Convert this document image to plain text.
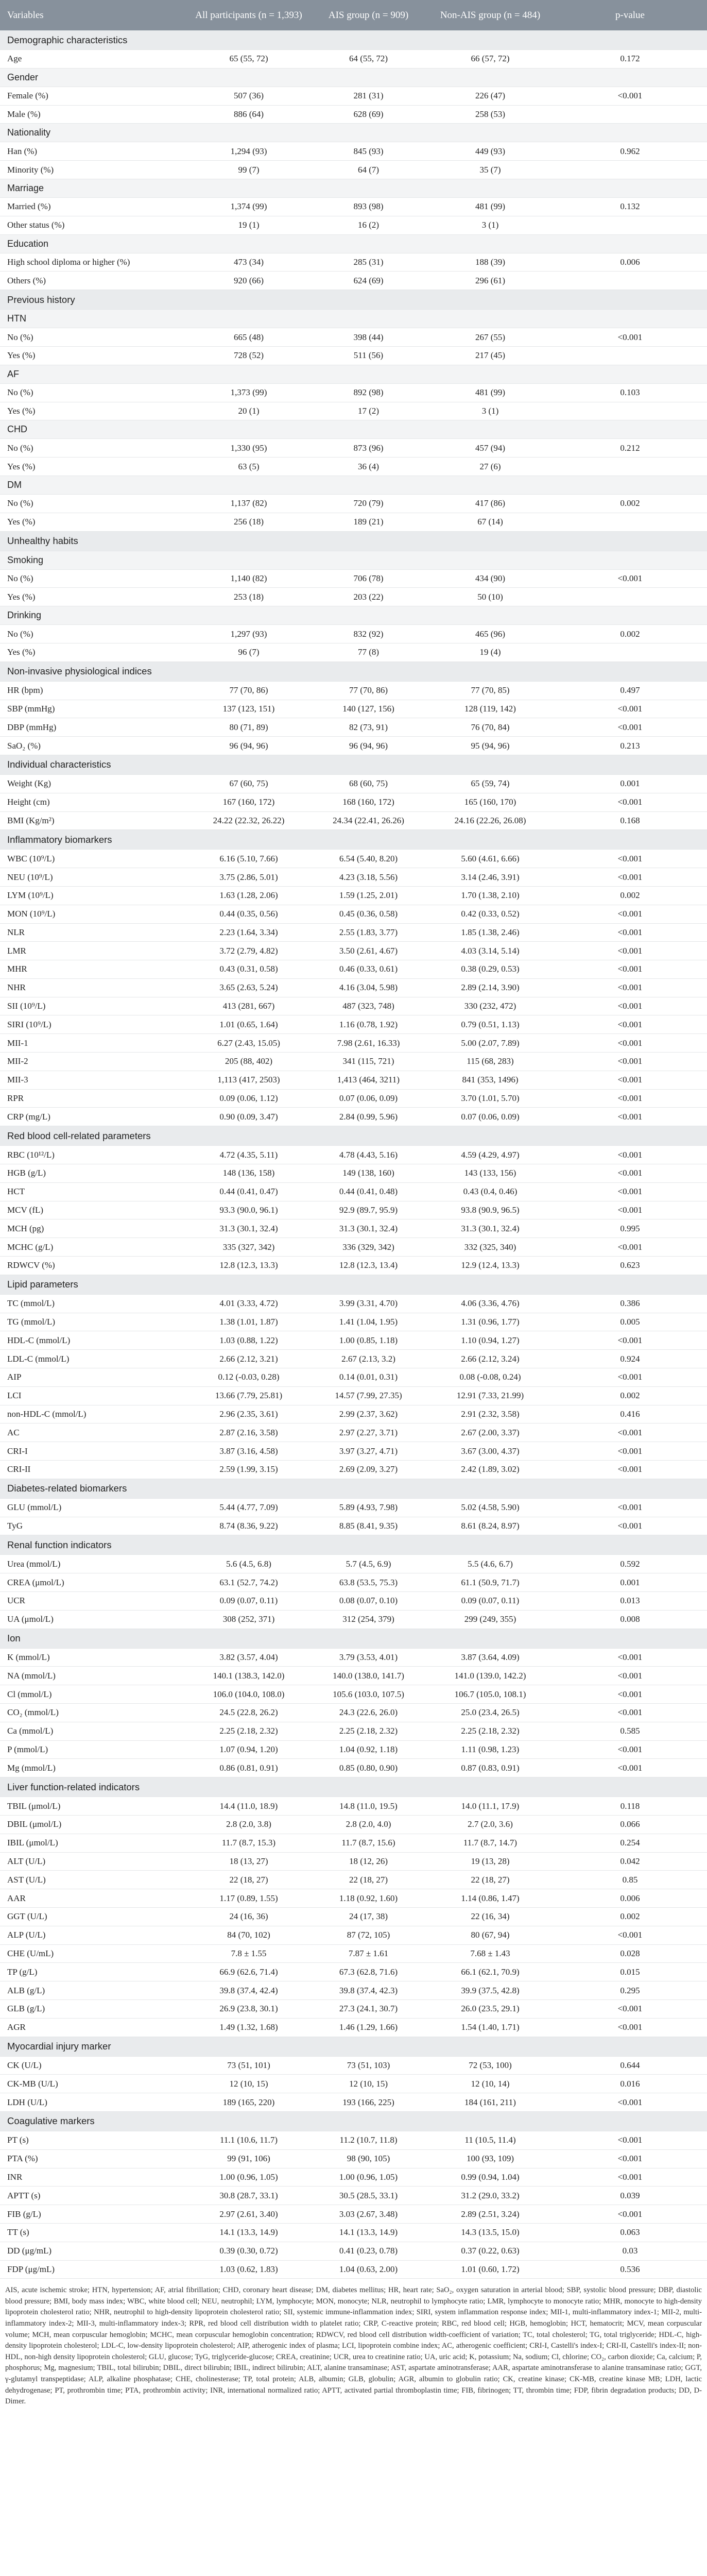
Variables	All participants (n = 1,393)	AIS group (n = 909)	Non-AIS group (n = 484)	p-value
Demographic characteristics				
Age	65 (55, 72)	64 (55, 72)	66 (57, 72)	0.172
Gender				
Female (%)	507 (36)	281 (31)	226 (47)	<0.001
Male (%)	886 (64)	628 (69)	258 (53)	
Nationality				
Han (%)	1,294 (93)	845 (93)	449 (93)	0.962
Minority (%)	99 (7)	64 (7)	35 (7)	
Marriage				
Married (%)	1,374 (99)	893 (98)	481 (99)	0.132
Other status (%)	19 (1)	16 (2)	3 (1)	
Education				
High school diploma or higher (%)	473 (34)	285 (31)	188 (39)	0.006
Others (%)	920 (66)	624 (69)	296 (61)	
Previous history				
HTN				
No (%)	665 (48)	398 (44)	267 (55)	<0.001
Yes (%)	728 (52)	511 (56)	217 (45)	
AF				
No (%)	1,373 (99)	892 (98)	481 (99)	0.103
Yes (%)	20 (1)	17 (2)	3 (1)	
CHD				
No (%)	1,330 (95)	873 (96)	457 (94)	0.212
Yes (%)	63 (5)	36 (4)	27 (6)	
DM				
No (%)	1,137 (82)	720 (79)	417 (86)	0.002
Yes (%)	256 (18)	189 (21)	67 (14)	
Unhealthy habits				
Smoking				
No (%)	1,140 (82)	706 (78)	434 (90)	<0.001
Yes (%)	253 (18)	203 (22)	50 (10)	
Drinking				
No (%)	1,297 (93)	832 (92)	465 (96)	0.002
Yes (%)	96 (7)	77 (8)	19 (4)	
Non-invasive physiological indices				
HR (bpm)	77 (70, 86)	77 (70, 86)	77 (70, 85)	0.497
SBP (mmHg)	137 (123, 151)	140 (127, 156)	128 (119, 142)	<0.001
DBP (mmHg)	80 (71, 89)	82 (73, 91)	76 (70, 84)	<0.001
SaO₂ (%)	96 (94, 96)	96 (94, 96)	95 (94, 96)	0.213
Individual characteristics				
Weight (Kg)	67 (60, 75)	68 (60, 75)	65 (59, 74)	0.001
Height (cm)	167 (160, 172)	168 (160, 172)	165 (160, 170)	<0.001
BMI (Kg/m²)	24.22 (22.32, 26.22)	24.34 (22.41, 26.26)	24.16 (22.26, 26.08)	0.168
Inflammatory biomarkers				
WBC (10⁹/L)	6.16 (5.10, 7.66)	6.54 (5.40, 8.20)	5.60 (4.61, 6.66)	<0.001
NEU (10⁹/L)	3.75 (2.86, 5.01)	4.23 (3.18, 5.56)	3.14 (2.46, 3.91)	<0.001
LYM (10⁹/L)	1.63 (1.28, 2.06)	1.59 (1.25, 2.01)	1.70 (1.38, 2.10)	0.002
MON (10⁹/L)	0.44 (0.35, 0.56)	0.45 (0.36, 0.58)	0.42 (0.33, 0.52)	<0.001
NLR	2.23 (1.64, 3.34)	2.55 (1.83, 3.77)	1.85 (1.38, 2.46)	<0.001
LMR	3.72 (2.79, 4.82)	3.50 (2.61, 4.67)	4.03 (3.14, 5.14)	<0.001
MHR	0.43 (0.31, 0.58)	0.46 (0.33, 0.61)	0.38 (0.29, 0.53)	<0.001
NHR	3.65 (2.63, 5.24)	4.16 (3.04, 5.98)	2.89 (2.14, 3.90)	<0.001
SII (10⁹/L)	413 (281, 667)	487 (323, 748)	330 (232, 472)	<0.001
SIRI (10⁹/L)	1.01 (0.65, 1.64)	1.16 (0.78, 1.92)	0.79 (0.51, 1.13)	<0.001
MII-1	6.27 (2.43, 15.05)	7.98 (2.61, 16.33)	5.00 (2.07, 7.89)	<0.001
MII-2	205 (88, 402)	341 (115, 721)	115 (68, 283)	<0.001
MII-3	1,113 (417, 2503)	1,413 (464, 3211)	841 (353, 1496)	<0.001
RPR	0.09 (0.06, 1.12)	0.07 (0.06, 0.09)	3.70 (1.01, 5.70)	<0.001
CRP (mg/L)	0.90 (0.09, 3.47)	2.84 (0.99, 5.96)	0.07 (0.06, 0.09)	<0.001
Red blood cell-related parameters				
RBC (10¹²/L)	4.72 (4.35, 5.11)	4.78 (4.43, 5.16)	4.59 (4.29, 4.97)	<0.001
HGB (g/L)	148 (136, 158)	149 (138, 160)	143 (133, 156)	<0.001
HCT	0.44 (0.41, 0.47)	0.44 (0.41, 0.48)	0.43 (0.4, 0.46)	<0.001
MCV (fL)	93.3 (90.0, 96.1)	92.9 (89.7, 95.9)	93.8 (90.9, 96.5)	<0.001
MCH (pg)	31.3 (30.1, 32.4)	31.3 (30.1, 32.4)	31.3 (30.1, 32.4)	0.995
MCHC (g/L)	335 (327, 342)	336 (329, 342)	332 (325, 340)	<0.001
RDWCV (%)	12.8 (12.3, 13.3)	12.8 (12.3, 13.4)	12.9 (12.4, 13.3)	0.623
Lipid parameters				
TC (mmol/L)	4.01 (3.33, 4.72)	3.99 (3.31, 4.70)	4.06 (3.36, 4.76)	0.386
TG (mmol/L)	1.38 (1.01, 1.87)	1.41 (1.04, 1.95)	1.31 (0.96, 1.77)	0.005
HDL-C (mmol/L)	1.03 (0.88, 1.22)	1.00 (0.85, 1.18)	1.10 (0.94, 1.27)	<0.001
LDL-C (mmol/L)	2.66 (2.12, 3.21)	2.67 (2.13, 3.2)	2.66 (2.12, 3.24)	0.924
AIP	0.12 (-0.03, 0.28)	0.14 (0.01, 0.31)	0.08 (-0.08, 0.24)	<0.001
LCI	13.66 (7.79, 25.81)	14.57 (7.99, 27.35)	12.91 (7.33, 21.99)	0.002
non-HDL-C (mmol/L)	2.96 (2.35, 3.61)	2.99 (2.37, 3.62)	2.91 (2.32, 3.58)	0.416
AC	2.87 (2.16, 3.58)	2.97 (2.27, 3.71)	2.67 (2.00, 3.37)	<0.001
CRI-I	3.87 (3.16, 4.58)	3.97 (3.27, 4.71)	3.67 (3.00, 4.37)	<0.001
CRI-II	2.59 (1.99, 3.15)	2.69 (2.09, 3.27)	2.42 (1.89, 3.02)	<0.001
Diabetes-related biomarkers				
GLU (mmol/L)	5.44 (4.77, 7.09)	5.89 (4.93, 7.98)	5.02 (4.58, 5.90)	<0.001
TyG	8.74 (8.36, 9.22)	8.85 (8.41, 9.35)	8.61 (8.24, 8.97)	<0.001
Renal function indicators				
Urea (mmol/L)	5.6 (4.5, 6.8)	5.7 (4.5, 6.9)	5.5 (4.6, 6.7)	0.592
CREA (μmol/L)	63.1 (52.7, 74.2)	63.8 (53.5, 75.3)	61.1 (50.9, 71.7)	0.001
UCR	0.09 (0.07, 0.11)	0.08 (0.07, 0.10)	0.09 (0.07, 0.11)	0.013
UA (μmol/L)	308 (252, 371)	312 (254, 379)	299 (249, 355)	0.008
Ion				
K (mmol/L)	3.82 (3.57, 4.04)	3.79 (3.53, 4.01)	3.87 (3.64, 4.09)	<0.001
NA (mmol/L)	140.1 (138.3, 142.0)	140.0 (138.0, 141.7)	141.0 (139.0, 142.2)	<0.001
Cl (mmol/L)	106.0 (104.0, 108.0)	105.6 (103.0, 107.5)	106.7 (105.0, 108.1)	<0.001
CO₂ (mmol/L)	24.5 (22.8, 26.2)	24.3 (22.6, 26.0)	25.0 (23.4, 26.5)	<0.001
Ca (mmol/L)	2.25 (2.18, 2.32)	2.25 (2.18, 2.32)	2.25 (2.18, 2.32)	0.585
P (mmol/L)	1.07 (0.94, 1.20)	1.04 (0.92, 1.18)	1.11 (0.98, 1.23)	<0.001
Mg (mmol/L)	0.86 (0.81, 0.91)	0.85 (0.80, 0.90)	0.87 (0.83, 0.91)	<0.001
Liver function-related indicators				
TBIL (μmol/L)	14.4 (11.0, 18.9)	14.8 (11.0, 19.5)	14.0 (11.1, 17.9)	0.118
DBIL (μmol/L)	2.8 (2.0, 3.8)	2.8 (2.0, 4.0)	2.7 (2.0, 3.6)	0.066
IBIL (μmol/L)	11.7 (8.7, 15.3)	11.7 (8.7, 15.6)	11.7 (8.7, 14.7)	0.254
ALT (U/L)	18 (13, 27)	18 (12, 26)	19 (13, 28)	0.042
AST (U/L)	22 (18, 27)	22 (18, 27)	22 (18, 27)	0.85
AAR	1.17 (0.89, 1.55)	1.18 (0.92, 1.60)	1.14 (0.86, 1.47)	0.006
GGT (U/L)	24 (16, 36)	24 (17, 38)	22 (16, 34)	0.002
ALP (U/L)	84 (70, 102)	87 (72, 105)	80 (67, 94)	<0.001
CHE (U/mL)	7.8 ± 1.55	7.87 ± 1.61	7.68 ± 1.43	0.028
TP (g/L)	66.9 (62.6, 71.4)	67.3 (62.8, 71.6)	66.1 (62.1, 70.9)	0.015
ALB (g/L)	39.8 (37.4, 42.4)	39.8 (37.4, 42.3)	39.9 (37.5, 42.8)	0.295
GLB (g/L)	26.9 (23.8, 30.1)	27.3 (24.1, 30.7)	26.0 (23.5, 29.1)	<0.001
AGR	1.49 (1.32, 1.68)	1.46 (1.29, 1.66)	1.54 (1.40, 1.71)	<0.001
Myocardial injury marker				
CK (U/L)	73 (51, 101)	73 (51, 103)	72 (53, 100)	0.644
CK-MB (U/L)	12 (10, 15)	12 (10, 15)	12 (10, 14)	0.016
LDH (U/L)	189 (165, 220)	193 (166, 225)	184 (161, 211)	<0.001
Coagulative markers				
PT (s)	11.1 (10.6, 11.7)	11.2 (10.7, 11.8)	11 (10.5, 11.4)	<0.001
PTA (%)	99 (91, 106)	98 (90, 105)	100 (93, 109)	<0.001
INR	1.00 (0.96, 1.05)	1.00 (0.96, 1.05)	0.99 (0.94, 1.04)	<0.001
APTT (s)	30.8 (28.7, 33.1)	30.5 (28.5, 33.1)	31.2 (29.0, 33.2)	0.039
FIB (g/L)	2.97 (2.61, 3.40)	3.03 (2.67, 3.48)	2.89 (2.51, 3.24)	<0.001
TT (s)	14.1 (13.3, 14.9)	14.1 (13.3, 14.9)	14.3 (13.5, 15.0)	0.063
DD (μg/mL)	0.39 (0.30, 0.72)	0.41 (0.23, 0.78)	0.37 (0.22, 0.63)	0.03
FDP (μg/mL)	1.03 (0.62, 1.83)	1.04 (0.63, 2.00)	1.01 (0.60, 1.72)	0.536
AIS, acute ischemic stroke; HTN, hypertension; AF, atrial fibrillation; CHD, coronary heart disease; DM, diabetes mellitus; HR, heart rate; SaO₂, oxygen saturation in arterial blood; SBP, systolic blood pressure; DBP, diastolic blood pressure; BMI, body mass index; WBC, white blood cell; NEU, neutrophil; LYM, lymphocyte; MON, monocyte; NLR, neutrophil to lymphocyte ratio; LMR, lymphocyte to monocyte ratio; MHR, monocyte to high-density lipoprotein cholesterol ratio; NHR, neutrophil to high-density lipoprotein cholesterol ratio; SII, systemic immune-inflammation index; SIRI, system inflammation response index; MII-1, multi-inflammatory index-1; MII-2, multi-inflammatory index-2; MII-3, multi-inflammatory index-3; RPR, red blood cell distribution width to platelet ratio; CRP, C-reactive protein; RBC, red blood cell; HGB, hemoglobin; HCT, hematocrit; MCV, mean corpuscular volume; MCH, mean corpuscular hemoglobin; MCHC, mean corpuscular hemoglobin concentration; RDWCV, red blood cell distribution width-coefficient of variation; TC, total cholesterol; TG, total triglyceride; HDL-C, high-density lipoprotein cholesterol; LDL-C, low-density lipoprotein cholesterol; AIP, atherogenic index of plasma; LCI, lipoprotein combine index; AC, atherogenic coefficient; CRI-I, Castelli's index-I; CRI-II, Castelli's index-II; non-HDL, non-high density lipoprotein cholesterol; GLU, glucose; TyG, triglyceride-glucose; CREA, creatinine; UCR, urea to creatinine ratio; UA, uric acid; K, potassium; Na, sodium; Cl, chlorine; CO₂, carbon dioxide; Ca, calcium; P, phosphorus; Mg, magnesium; TBIL, total bilirubin; DBIL, direct bilirubin; IBIL, indirect bilirubin; ALT, alanine transaminase; AST, aspartate aminotransferase; AAR, aspartate aminotransferase to alanine transaminase ratio; GGT, γ-glutamyl transpeptidase; ALP, alkaline phosphatase; CHE, cholinesterase; TP, total protein; ALB, albumin; GLB, globulin; AGR, albumin to globulin ratio; CK, creatine kinase; CK-MB, creatine kinase MB; LDH, lactic dehydrogenase; PT, prothrombin time; PTA, prothrombin activity; INR, international normalized ratio; APTT, activated partial thromboplastin time; FIB, fibrinogen; TT, thrombin time; FDP, fibrin degradation products; DD, D-Dimer.
